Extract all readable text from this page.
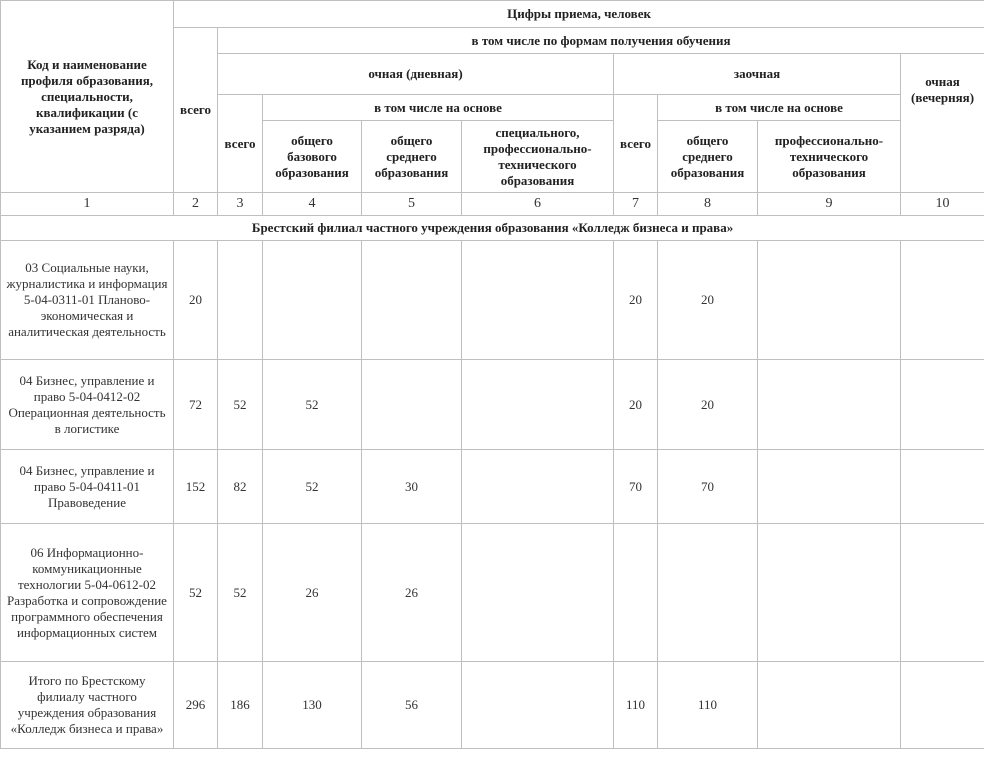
Код и наименование профиля образования, специальности, квалификации (с указанием разряда)	Цифры приема, человек								
	всего	в том числе по формам получения обучения							
		очная (дневная)				заочная			очная (вечерняя)
		всего	в том числе на основе			всего	в том числе на основе		
			общего базового образования	общего среднего образования	специального, профессионально-технического образования		общего среднего образования	профессионально-технического образования	
1	2	3	4	5	6	7	8	9	10
Брестский филиал частного учреждения образования «Колледж бизнеса и права»									
03 Социальные науки, журналистика и информация 5-04-0311-01 Планово-экономическая и аналитическая деятельность	20					20	20		
04 Бизнес, управление и право 5-04-0412-02 Операционная деятельность в логистике	72	52	52			20	20		
04 Бизнес, управление и право 5-04-0411-01 Правоведение	152	82	52	30		70	70		
06 Информационно-коммуникационные технологии 5-04-0612-02 Разработка и сопровождение программного обеспечения информационных систем	52	52	26	26					
Итого по Брестскому филиалу частного учреждения образования «Колледж бизнеса и права»	296	186	130	56		110	110		
